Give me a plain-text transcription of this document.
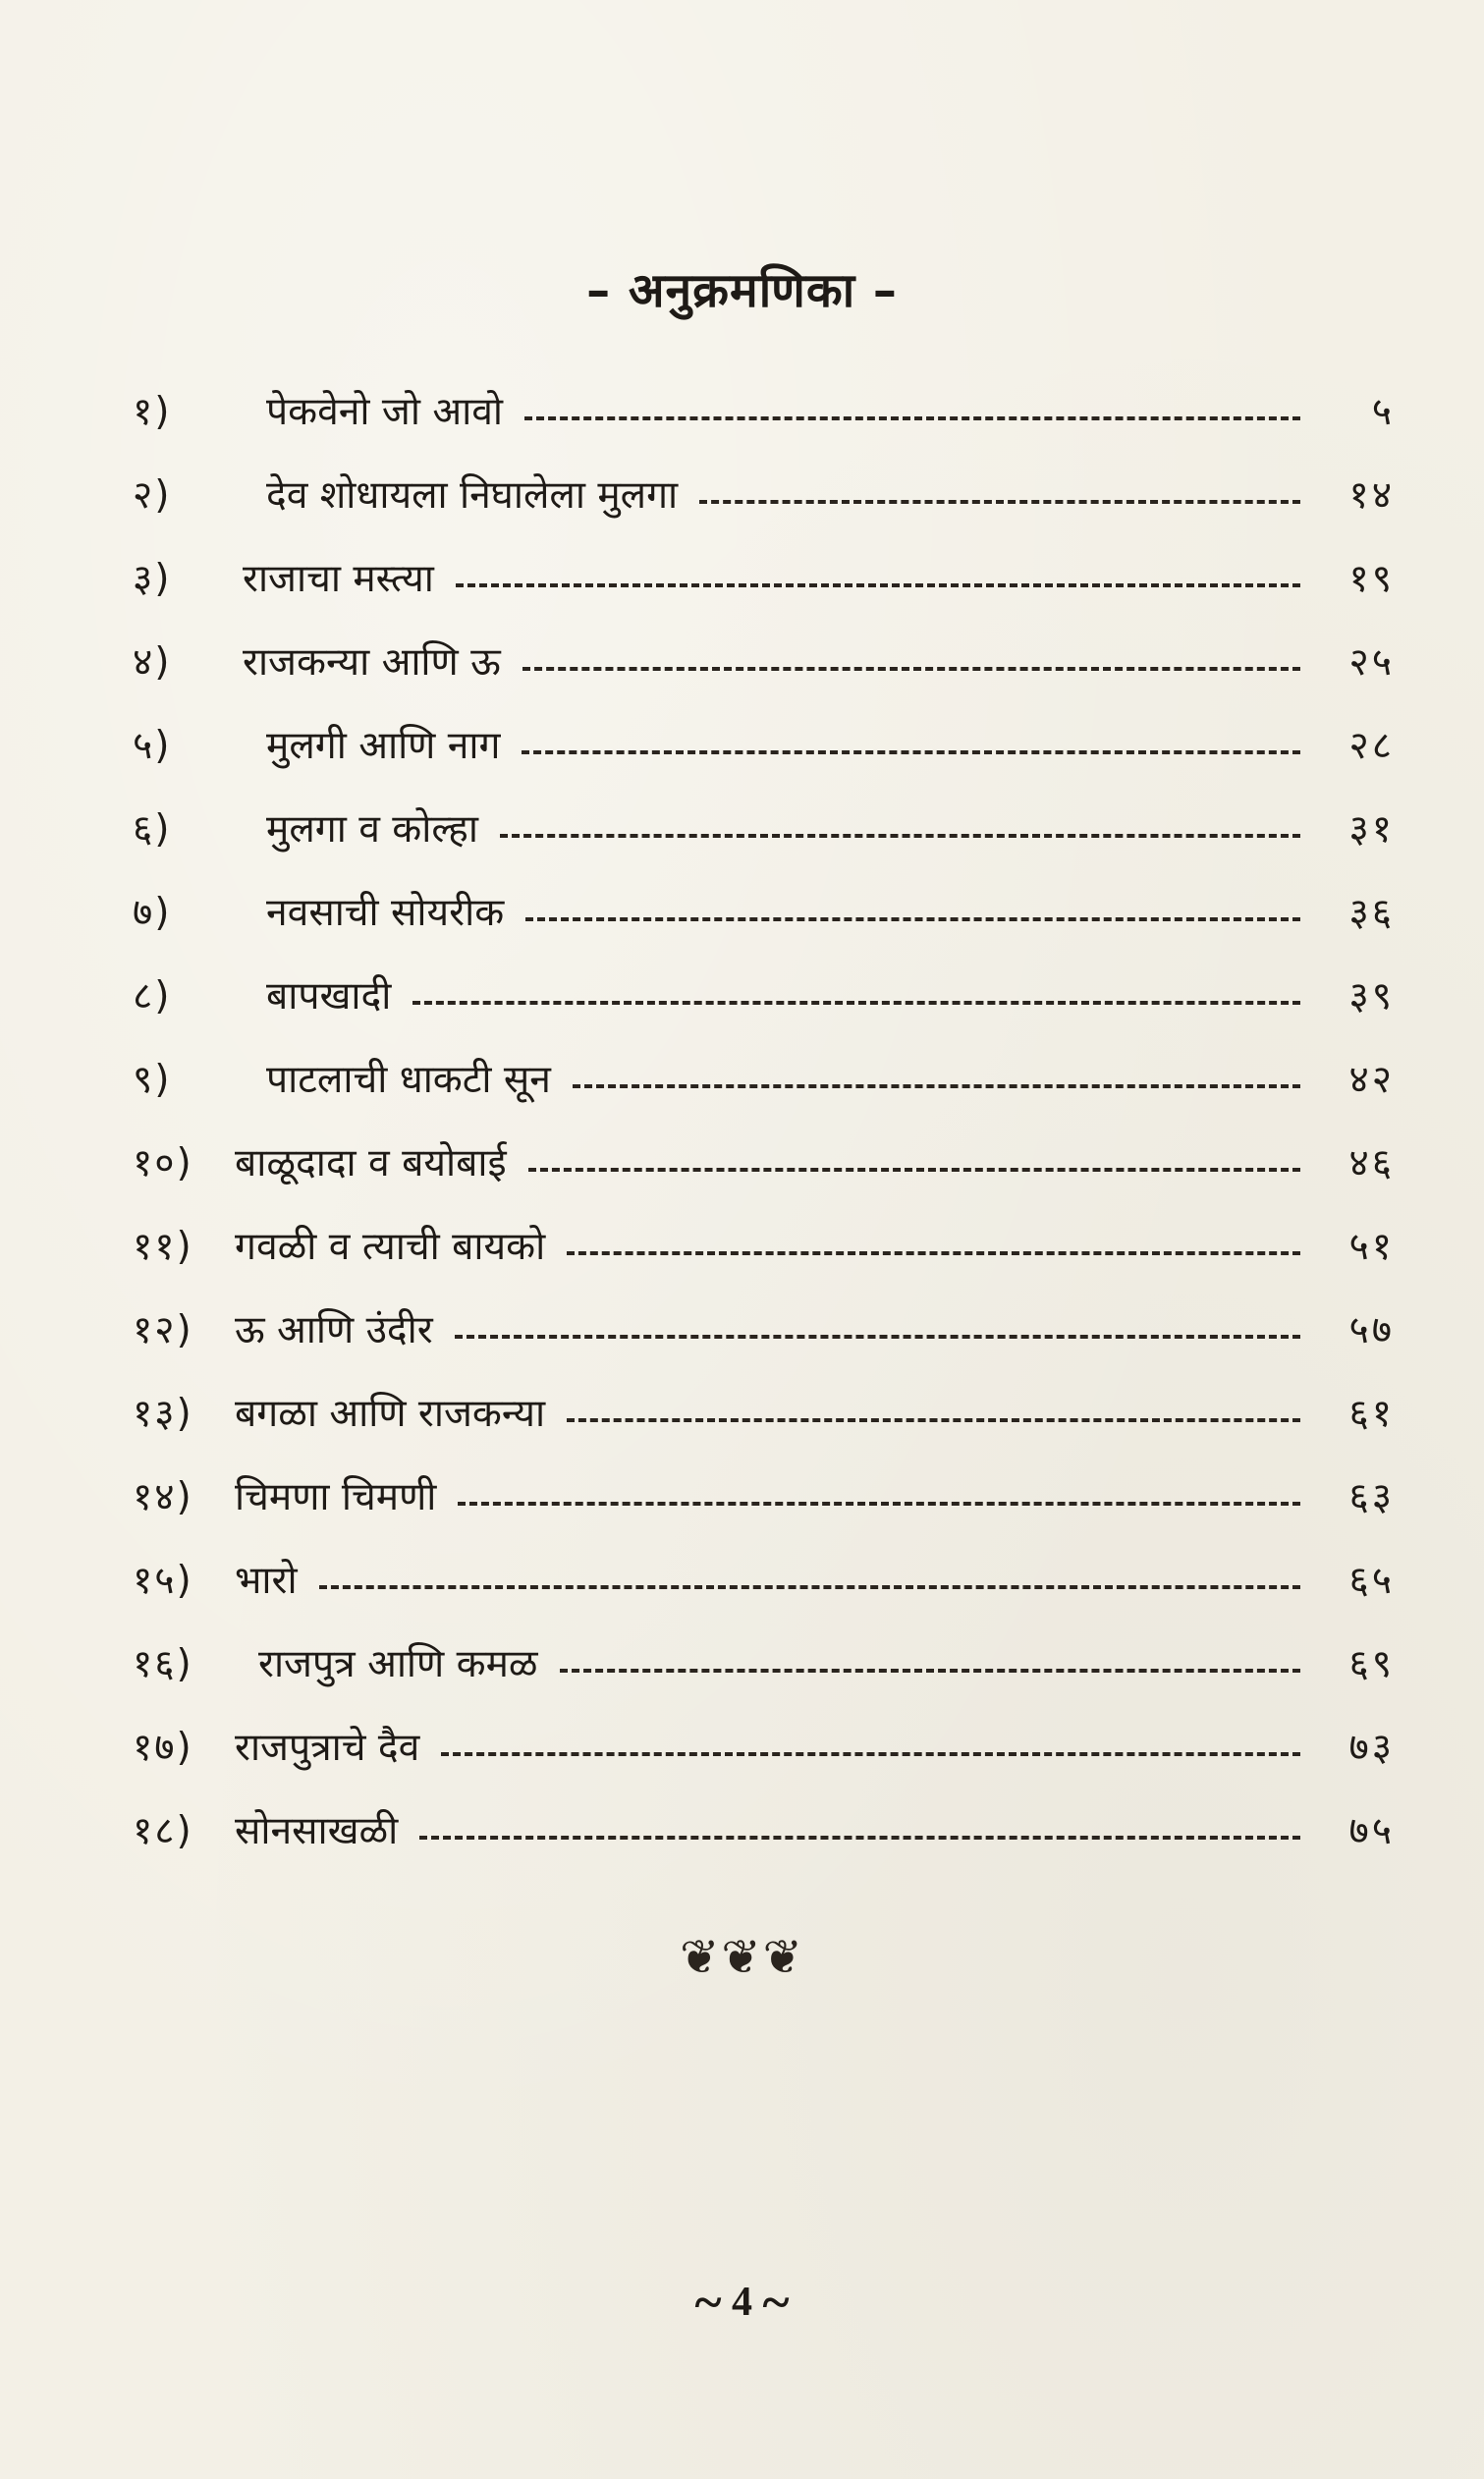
– अनुक्रमणिका –
१)	पेकवेनो जो आवो	५
२)	देव शोधायला निघालेला मुलगा	१४
३)	राजाचा मस्त्या	१९
४)	राजकन्या आणि ऊ	२५
५)	मुलगी आणि नाग	२८
६)	मुलगा व कोल्हा	३१
७)	नवसाची सोयरीक	३६
८)	बापखादी	३९
९)	पाटलाची धाकटी सून	४२
१०)	बाळूदादा व बयोबाई	४६
११)	गवळी व त्याची बायको	५१
१२)	ऊ आणि उंदीर	५७
१३)	बगळा आणि राजकन्या	६१
१४)	चिमणा चिमणी	६३
१५)	भारो	६५
१६)	राजपुत्र आणि कमळ	६९
१७)	राजपुत्राचे दैव	७३
१८)	सोनसाखळी	७५
❦❦❦
~ 4 ~
